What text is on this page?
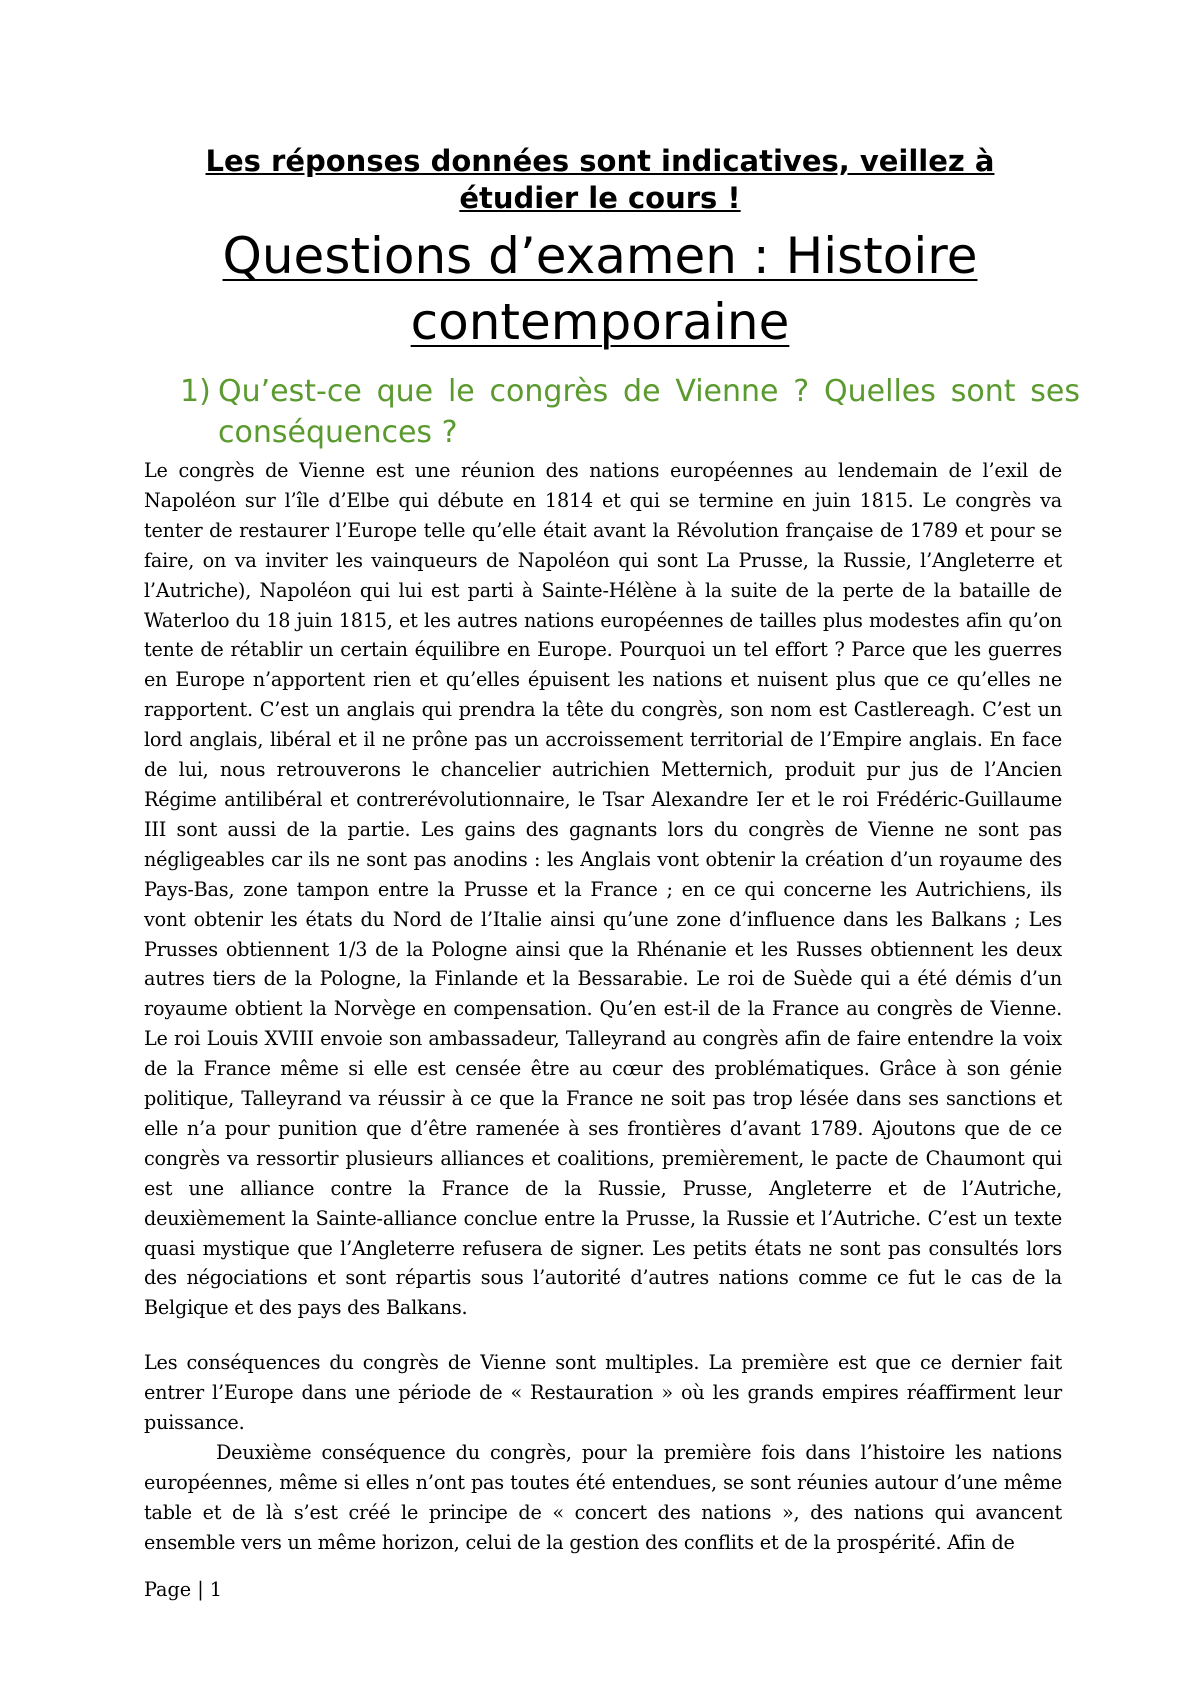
Les réponses données sont indicatives, veillez à étudier le cours !
Questions d’examen : Histoire contemporaine
1) Qu’est-ce que le congrès de Vienne ? Quelles sont ses conséquences ?
Le congrès de Vienne est une réunion des nations européennes au lendemain de l’exil de Napoléon sur l’île d’Elbe qui débute en 1814 et qui se termine en juin 1815. Le congrès va tenter de restaurer l’Europe telle qu’elle était avant la Révolution française de 1789 et pour se faire, on va inviter les vainqueurs de Napoléon qui sont La Prusse, la Russie, l’Angleterre et l’Autriche), Napoléon qui lui est parti à Sainte-Hélène à la suite de la perte de la bataille de Waterloo du 18 juin 1815, et les autres nations européennes de tailles plus modestes afin qu’on tente de rétablir un certain équilibre en Europe. Pourquoi un tel effort ? Parce que les guerres en Europe n’apportent rien et qu’elles épuisent les nations et nuisent plus que ce qu’elles ne rapportent. C’est un anglais qui prendra la tête du congrès, son nom est Castlereagh. C’est un lord anglais, libéral et il ne prône pas un accroissement territorial de l’Empire anglais. En face de lui, nous retrouverons le chancelier autrichien Metternich, produit pur jus de l’Ancien Régime antilibéral et contrerévolutionnaire, le Tsar Alexandre Ier et le roi Frédéric-Guillaume III sont aussi de la partie. Les gains des gagnants lors du congrès de Vienne ne sont pas négligeables car ils ne sont pas anodins : les Anglais vont obtenir la création d’un royaume des Pays-Bas, zone tampon entre la Prusse et la France ; en ce qui concerne les Autrichiens, ils vont obtenir les états du Nord de l’Italie ainsi qu’une zone d’influence dans les Balkans ; Les Prusses obtiennent 1/3 de la Pologne ainsi que la Rhénanie et les Russes obtiennent les deux autres tiers de la Pologne, la Finlande et la Bessarabie. Le roi de Suède qui a été démis d’un royaume obtient la Norvège en compensation. Qu’en est-il de la France au congrès de Vienne. Le roi Louis XVIII envoie son ambassadeur, Talleyrand au congrès afin de faire entendre la voix de la France même si elle est censée être au cœur des problématiques. Grâce à son génie politique, Talleyrand va réussir à ce que la France ne soit pas trop lésée dans ses sanctions et elle n’a pour punition que d’être ramenée à ses frontières d’avant 1789. Ajoutons que de ce congrès va ressortir plusieurs alliances et coalitions, premièrement, le pacte de Chaumont qui est une alliance contre la France de la Russie, Prusse, Angleterre et de l’Autriche, deuxièmement la Sainte-alliance conclue entre la Prusse, la Russie et l’Autriche. C’est un texte quasi mystique que l’Angleterre refusera de signer. Les petits états ne sont pas consultés lors des négociations et sont répartis sous l’autorité d’autres nations comme ce fut le cas de la Belgique et des pays des Balkans.
Les conséquences du congrès de Vienne sont multiples. La première est que ce dernier fait entrer l’Europe dans une période de « Restauration » où les grands empires réaffirment leur puissance.
Deuxième conséquence du congrès, pour la première fois dans l’histoire les nations européennes, même si elles n’ont pas toutes été entendues, se sont réunies autour d’une même table et de là s’est créé le principe de « concert des nations », des nations qui avancent ensemble vers un même horizon, celui de la gestion des conflits et de la prospérité. Afin de
Page | 1
